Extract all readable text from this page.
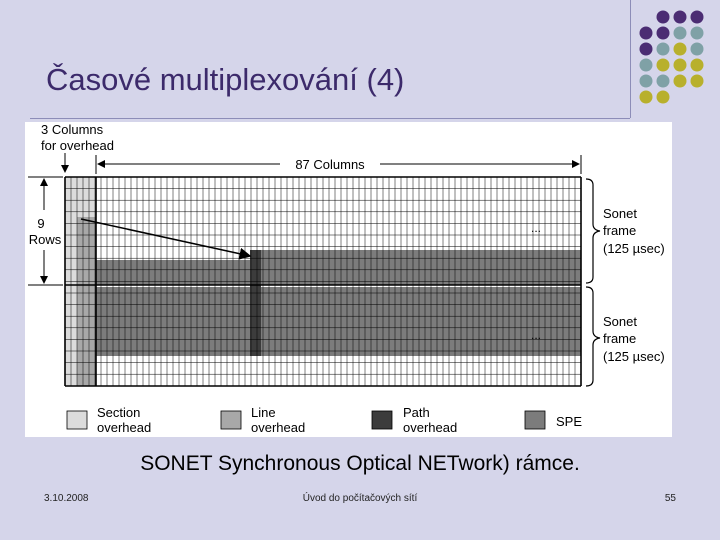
Časové multiplexování (4)
3 Columns
for overhead
87 Columns
9
Rows
...
...
Sonet
frame
(125 µsec)
Sonet
frame
(125 µsec)
Section
overhead
Line
overhead
Path
overhead	SPE
SONET Synchronous Optical NETwork) rámce.
3.10.2008	Úvod do počítačových sítí	55
